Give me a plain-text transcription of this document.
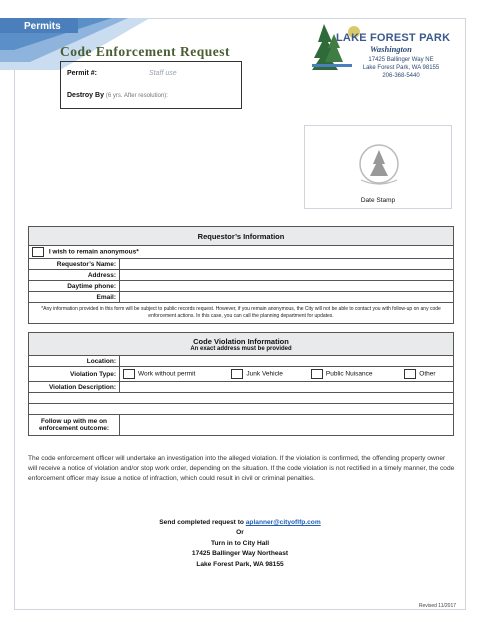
Permits
Code Enforcement Request
Permit #:	Staff use
Destroy By (6 yrs. After resolution):
LAKE FOREST PARK
Washington
17425 Ballinger Way NE
Lake Forest Park, WA 98155
206-368-5440
Date Stamp
Requestor’s Information	
I wish to remain anonymous*	
Requestor’s Name:	
Address:	
Daytime phone:	
Email:	
*Any information provided in this form will be subject to public records request. However, if you remain anonymous, the City will not be able to contact you with follow-up on any code enforcement actions. In this case, you can call the planning department for updates.	
Code Violation Information
An exact address must be provided				

Location:				
Violation Type:	Work without permit	Junk Vehicle	Public Nuisance	Other
Violation Description:				

Follow up with me on
enforcement outcome:				

The code enforcement officer will undertake an investigation into the alleged violation. If the violation is confirmed, the offending property owner will receive a notice of violation and/or stop work order, depending on the situation. If the code violation is not rectified in a timely manner, the code enforcement officer may issue a notice of infraction, which could result in civil or criminal penalties.
Send completed request to aplanner@cityoflfp.com
Or
Turn in to City Hall
17425 Ballinger Way Northeast
Lake Forest Park, WA 98155
Revised 11/2017
